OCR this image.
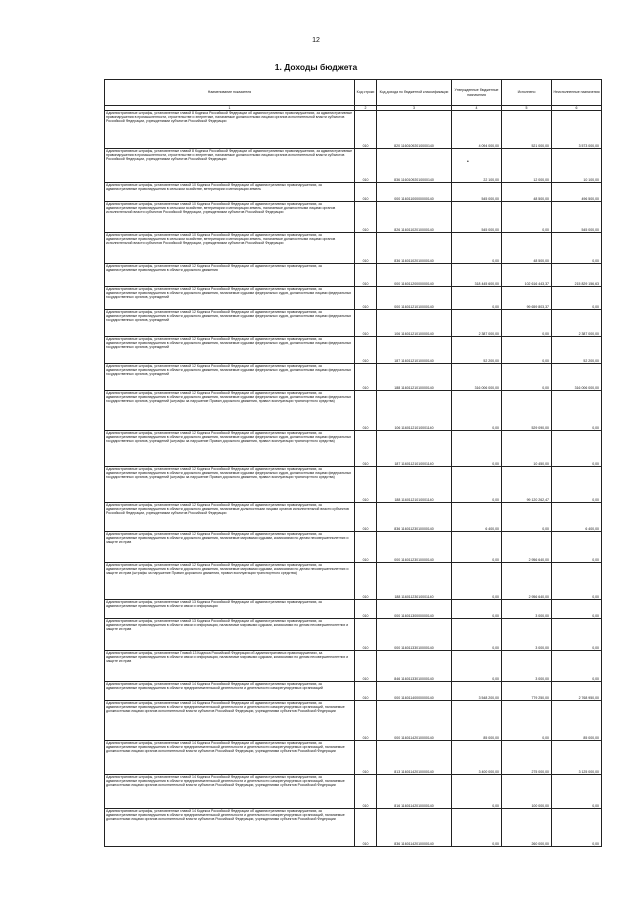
12
1. Доходы бюджета
•
Наименование показателя	Код строки	Код дохода по бюджетной классификации	Утвержденные бюджетные назначения	Исполнено	Неисполненные назначения
1	2	3	4	5	6
Административные штрафы, установленные главой 8 Кодекса Российской Федерации об административных правонарушениях, за административные правонарушения в промышленности, строительстве и энергетике, налагаемые должностными лицами органов исполнительной власти субъектов Российской Федерации, учреждениями субъектов Российской Федерации	010	820 11601092010000140	4 094 000,00	521 000,00	3 573 000,00
Административные штрафы, установленные главой 8 Кодекса Российской Федерации об административных правонарушениях, за административные правонарушения в промышленности, строительстве и энергетике, налагаемые должностными лицами органов исполнительной власти субъектов Российской Федерации, учреждениями субъектов Российской Федерации	010	836 11601092010000140	22 100,00	12 000,00	10 100,00
Административные штрафы, установленные главой 10 Кодекса Российской Федерации об административных правонарушениях, за административные правонарушения в сельском хозяйстве, ветеринарии и мелиорации земель	010	000 11601100000000140	545 000,00	48 500,00	496 500,00
Административные штрафы, установленные главой 10 Кодекса Российской Федерации об административных правонарушениях, за административные правонарушения в сельском хозяйстве, ветеринарии и мелиорации земель, налагаемые должностными лицами органов исполнительной власти субъектов Российской Федерации, учреждениями субъектов Российской Федерации	010	826 11601102010000140	545 000,00	0,00	545 000,00
Административные штрафы, установленные главой 10 Кодекса Российской Федерации об административных правонарушениях, за административные правонарушения в сельском хозяйстве, ветеринарии и мелиорации земель, налагаемые должностными лицами органов исполнительной власти субъектов Российской Федерации, учреждениями субъектов Российской Федерации	010	836 11601102010000140	0,00	48 500,00	0,00
Административные штрафы, установленные главой 12 Кодекса Российской Федерации об административных правонарушениях, за административные правонарушения в области дорожного движения	010	000 11601120000000140	318 445 600,00	102 616 443,37	215 829 156,63
Административные штрафы, установленные главой 12 Кодекса Российской Федерации об административных правонарушениях, за административные правонарушения в области дорожного движения, налагаемые судьями федеральных судов, должностными лицами федеральных государственных органов, учреждений	010	000 11601121010000140	0,00	99 659 803,37	0,00
Административные штрафы, установленные главой 12 Кодекса Российской Федерации об административных правонарушениях, за административные правонарушения в области дорожного движения, налагаемые судьями федеральных судов, должностными лицами федеральных государственных органов, учреждений	010	106 11601121010000140	2 387 000,00	0,00	2 387 000,00
Административные штрафы, установленные главой 12 Кодекса Российской Федерации об административных правонарушениях, за административные правонарушения в области дорожного движения, налагаемые судьями федеральных судов, должностными лицами федеральных государственных органов, учреждений	010	187 11601121010000140	52 200,00	0,00	52 200,00
Административные штрафы, установленные главой 12 Кодекса Российской Федерации об административных правонарушениях, за административные правонарушения в области дорожного движения, налагаемые судьями федеральных судов, должностными лицами федеральных государственных органов, учреждений	010	188 11601121010000140	316 006 000,00	0,00	316 006 000,00
Административные штрафы, установленные главой 12 Кодекса Российской Федерации об административных правонарушениях, за административные правонарушения в области дорожного движения, налагаемые судьями федеральных судов, должностными лицами федеральных государственных органов, учреждений (штрафы за нарушение Правил дорожного движения, правил эксплуатации транспортного средства)	010	106 11601121010001140	0,00	529 090,00	0,00
Административные штрафы, установленные главой 12 Кодекса Российской Федерации об административных правонарушениях, за административные правонарушения в области дорожного движения, налагаемые судьями федеральных судов, должностными лицами федеральных государственных органов, учреждений (штрафы за нарушение Правил дорожного движения, правил эксплуатации транспортного средства)	010	187 11601121010001140	0,00	10 450,00	0,00
Административные штрафы, установленные главой 12 Кодекса Российской Федерации об административных правонарушениях, за административные правонарушения в области дорожного движения, налагаемые судьями федеральных судов, должностными лицами федеральных государственных органов, учреждений (штрафы за нарушение Правил дорожного движения, правил эксплуатации транспортного средства)	010	188 11601121010001140	0,00	99 120 262,47	0,00
Административные штрафы, установленные главой 12 Кодекса Российской Федерации об административных правонарушениях, за административные правонарушения в области дорожного движения, налагаемые должностными лицами органов исполнительной власти субъектов Российской Федерации, учреждениями субъектов Российской Федерации	010	836 11601123010000140	6 400,00	0,00	6 400,00
Административные штрафы, установленные главой 12 Кодекса Российской Федерации об административных правонарушениях, за административные правонарушения в области дорожного движения, налагаемые мировыми судьями, комиссиями по делам несовершеннолетних и защите их прав	010	000 11601123010000140	0,00	2 956 640,00	0,00
Административные штрафы, установленные главой 12 Кодекса Российской Федерации об административных правонарушениях, за административные правонарушения в области дорожного движения, налагаемые мировыми судьями, комиссиями по делам несовершеннолетних и защите их прав (штрафы за нарушение Правил дорожного движения, правил эксплуатации транспортного средства)	010	188 11601123010001140	0,00	2 956 640,00	0,00
Административные штрафы, установленные главой 13 Кодекса Российской Федерации об административных правонарушениях, за административные правонарушения в области связи и информации	010	000 11601130000000140	0,00	3 000,00	0,00
Административные штрафы, установленные главой 13 Кодекса Российской Федерации об административных правонарушениях, за административные правонарушения в области связи и информации, налагаемые мировыми судьями, комиссиями по делам несовершеннолетних и защите их прав	010	000 11601133010000140	0,00	3 000,00	0,00
Административные штрафы, установленные Главой 13 Кодекса Российской Федерации об административных правонарушениях, за административные правонарушения в области связи и информации, налагаемые мировыми судьями, комиссиями по делам несовершеннолетних и защите их прав	010	846 11601133010000140	0,00	3 000,00	0,00
Административные штрафы, установленные главой 14 Кодекса Российской Федерации об административных правонарушениях, за административные правонарушения в области предпринимательской деятельности и деятельности саморегулируемых организаций	010	000 11601140000000140	3 548 200,00	779 250,00	2 768 950,00
Административные штрафы, установленные главой 14 Кодекса Российской Федерации об административных правонарушениях, за административные правонарушения в области предпринимательской деятельности и деятельности саморегулируемых организаций, налагаемые должностными лицами органов исполнительной власти субъектов Российской Федерации, учреждениями субъектов Российской Федерации	010	000 11601142010000140	85 000,00	0,00	85 000,00
Административные штрафы, установленные главой 14 Кодекса Российской Федерации об административных правонарушениях, за административные правонарушения в области предпринимательской деятельности и деятельности саморегулируемых организаций, налагаемые должностными лицами органов исполнительной власти субъектов Российской Федерации, учреждениями субъектов Российской Федерации	010	813 11601142010000140	3 400 000,00	275 000,00	3 125 000,00
Административные штрафы, установленные главой 14 Кодекса Российской Федерации об административных правонарушениях, за административные правонарушения в области предпринимательской деятельности и деятельности саморегулируемых организаций, налагаемые должностными лицами органов исполнительной власти субъектов Российской Федерации, учреждениями субъектов Российской Федерации	010	816 11601142010000140	0,00	100 000,00	0,00
Административные штрафы, установленные главой 14 Кодекса Российской Федерации об административных правонарушениях, за административные правонарушения в области предпринимательской деятельности и деятельности саморегулируемых организаций, налагаемые должностными лицами органов исполнительной власти субъектов Российской Федерации, учреждениями субъектов Российской Федерации	010	836 11601142010000140	0,00	260 000,00	0,00
